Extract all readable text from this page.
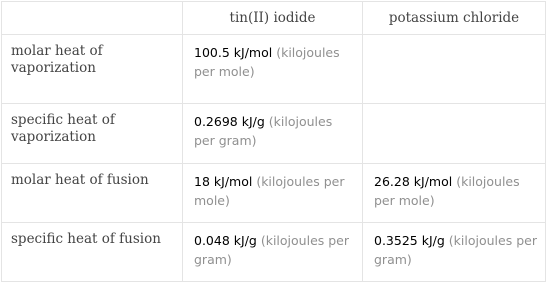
	tin(II) iodide	potassium chloride
molar heat of vaporization	100.5 kJ/mol (kilojoules per mole)	
specific heat of vaporization	0.2698 kJ/g (kilojoules per gram)	
molar heat of fusion	18 kJ/mol (kilojoules per mole)	26.28 kJ/mol (kilojoules per mole)
specific heat of fusion	0.048 kJ/g (kilojoules per gram)	0.3525 kJ/g (kilojoules per gram)
